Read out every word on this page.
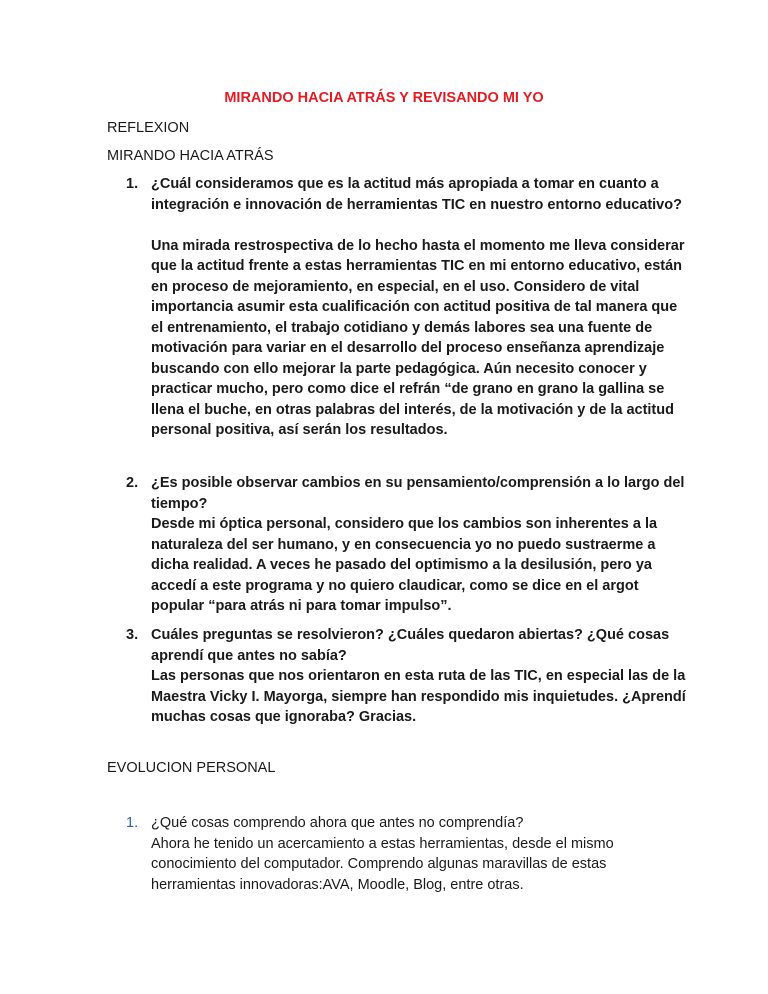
MIRANDO HACIA ATRÁS Y REVISANDO MI YO
REFLEXION
MIRANDO HACIA ATRÁS
1. ¿Cuál consideramos que es la actitud más apropiada a tomar en cuanto a integración e innovación de herramientas TIC en nuestro entorno educativo?

Una mirada restrospectiva de lo hecho hasta el momento me lleva considerar que la actitud frente a estas herramientas TIC en mi entorno educativo, están en proceso de mejoramiento, en especial, en el uso. Considero de vital importancia asumir esta cualificación con actitud positiva de tal manera que el entrenamiento, el trabajo cotidiano y demás labores sea una fuente de motivación para variar en el desarrollo del proceso enseñanza aprendizaje buscando con ello mejorar la parte pedagógica. Aún necesito conocer y practicar mucho, pero como dice el refrán “de grano en grano la gallina se llena el buche, en otras palabras del interés, de la motivación y de la actitud personal positiva, así serán los resultados.

2. ¿Es posible observar cambios en su pensamiento/comprensión a lo largo del tiempo?

Desde mi óptica personal, considero que los cambios son inherentes a la naturaleza del ser humano, y en consecuencia yo no puedo sustraerme a dicha realidad. A veces he pasado del optimismo a la desilusión, pero ya accedí a este programa y no quiero claudicar, como se dice en el argot popular “para atrás ni para tomar impulso”.

3. Cuáles preguntas se resolvieron? ¿Cuáles quedaron abiertas? ¿Qué cosas aprendí que antes no sabía?

Las personas que nos orientaron en esta ruta de las TIC, en especial las de la Maestra Vicky I. Mayorga, siempre han respondido mis inquietudes. ¿Aprendí muchas cosas que ignoraba? Gracias.

EVOLUCION PERSONAL
1. ¿Qué cosas comprendo ahora que antes no comprendía?

Ahora he tenido un acercamiento a estas herramientas, desde el mismo conocimiento del computador. Comprendo algunas maravillas de estas herramientas innovadoras:AVA, Moodle, Blog, entre otras.
